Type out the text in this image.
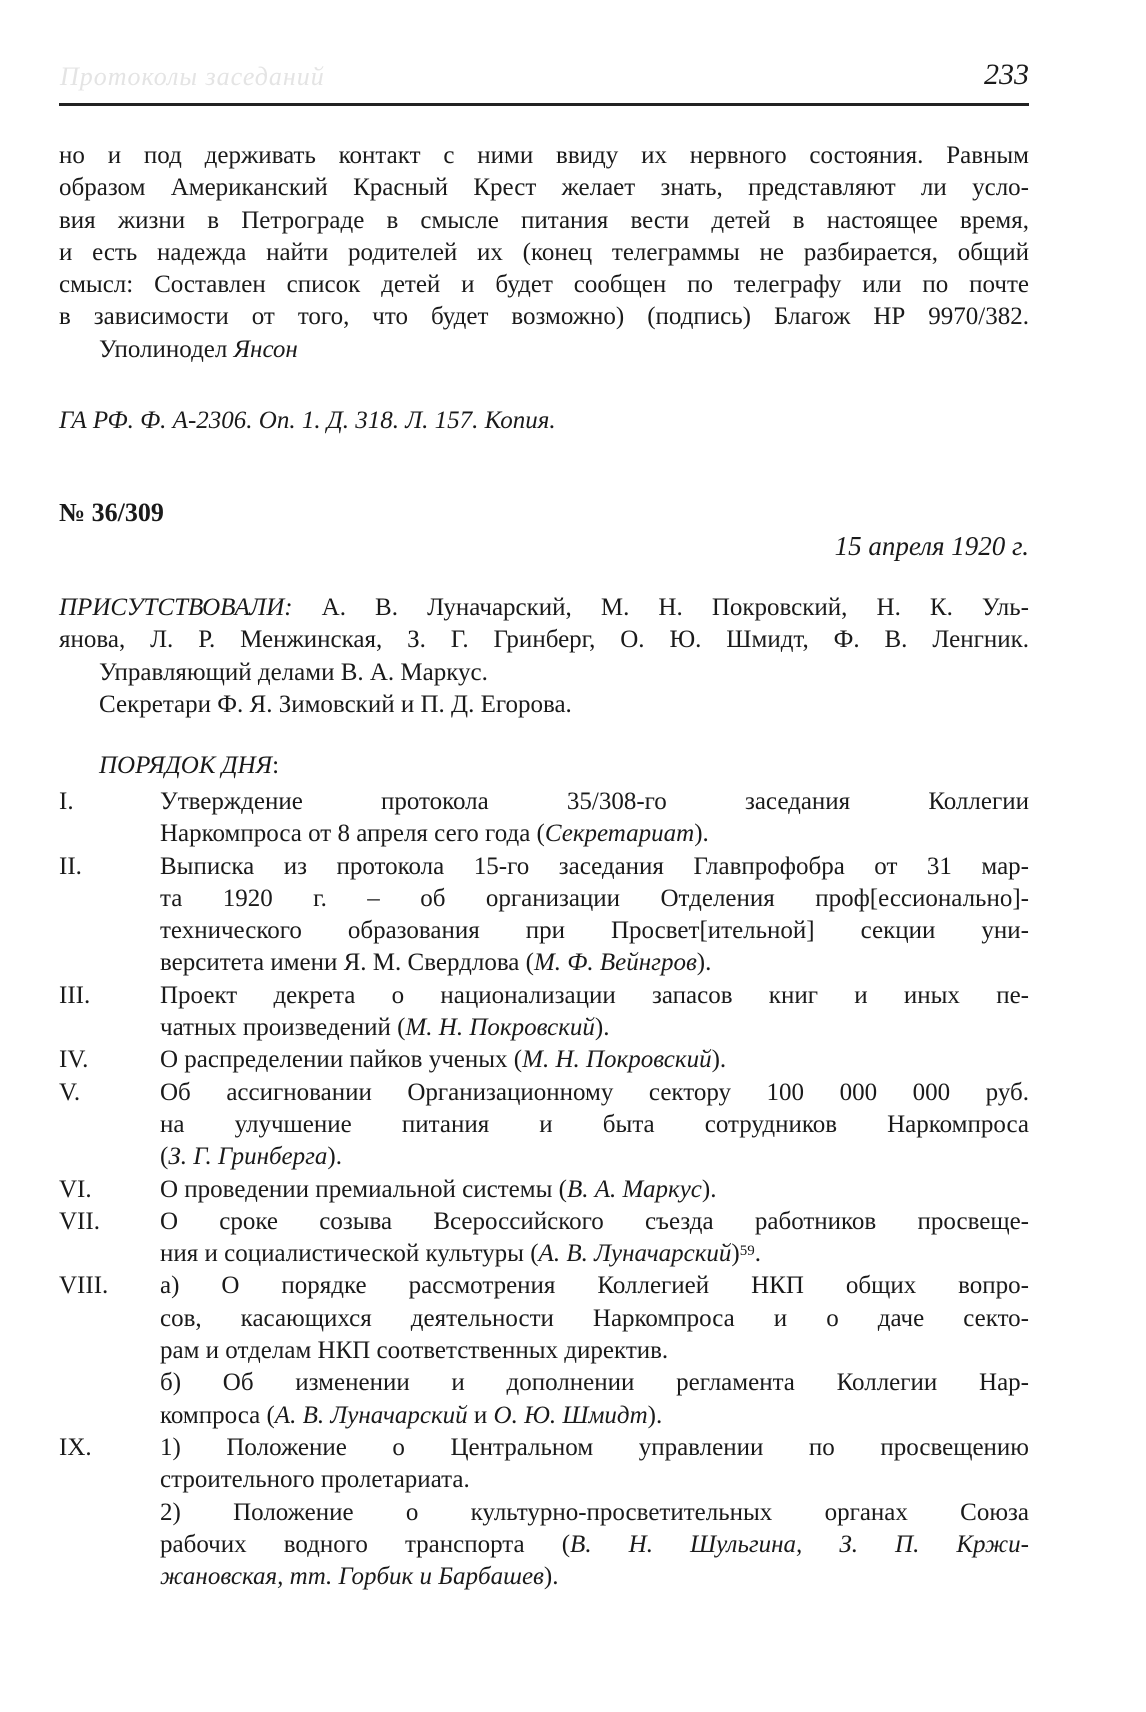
Протоколы заседаний	233
но и под держивать контакт с ними ввиду их нервного состояния. Равным
образом Американский Красный Крест желает знать, представляют ли усло-
вия жизни в Петрограде в смысле питания вести детей в настоящее время,
и есть надежда найти родителей их (конец телеграммы не разбирается, общий
смысл: Составлен список детей и будет сообщен по телеграфу или по почте
в зависимости от того, что будет возможно) (подпись) Благож НР 9970/382.
Уполинодел Янсон
ГА РФ. Ф. А-2306. Оп. 1. Д. 318. Л. 157. Копия.
№ 36/309
15 апреля 1920 г.
ПРИСУТСТВОВАЛИ: А. В. Луначарский, М. Н. Покровский, Н. К. Уль-
янова, Л. Р. Менжинская, З. Г. Гринберг, О. Ю. Шмидт, Ф. В. Ленгник.
Управляющий делами В. А. Маркус.
Секретари Ф. Я. Зимовский и П. Д. Егорова.
ПОРЯДОК ДНЯ:
I.	Утверждение протокола 35/308-го заседания Коллегии
Наркомпроса от 8 апреля сего года (Секретариат).
II.	Выписка из протокола 15-го заседания Главпрофобра от 31 мар-
та 1920 г. – об организации Отделения проф[ессионально]-
технического образования при Просвет[ительной] секции уни-
верситета имени Я. М. Свердлова (М. Ф. Вейнгров).
III.	Проект декрета о национализации запасов книг и иных пе-
чатных произведений (М. Н. Покровский).
IV.	О распределении пайков ученых (М. Н. Покровский).
V.	Об ассигновании Организационному сектору 100 000 000 руб.
на улучшение питания и быта сотрудников Наркомпроса
(З. Г. Гринберга).
VI.	О проведении премиальной системы (В. А. Маркус).
VII.	О сроке созыва Всероссийского съезда работников просвеще-
ния и социалистической культуры (А. В. Луначарский)$^{59}$.
VIII.	а) О порядке рассмотрения Коллегией НКП общих вопро-
сов, касающихся деятельности Наркомпроса и о даче секто-
рам и отделам НКП соответственных директив.
б) Об изменении и дополнении регламента Коллегии Нар-
компроса (А. В. Луначарский и О. Ю. Шмидт).
IX.	1) Положение о Центральном управлении по просвещению
строительного пролетариата.
2) Положение о культурно-просветительных органах Союза
рабочих водного транспорта (В. Н. Шульгина, З. П. Кржи-
жановская, тт. Горбик и Барбашев).
